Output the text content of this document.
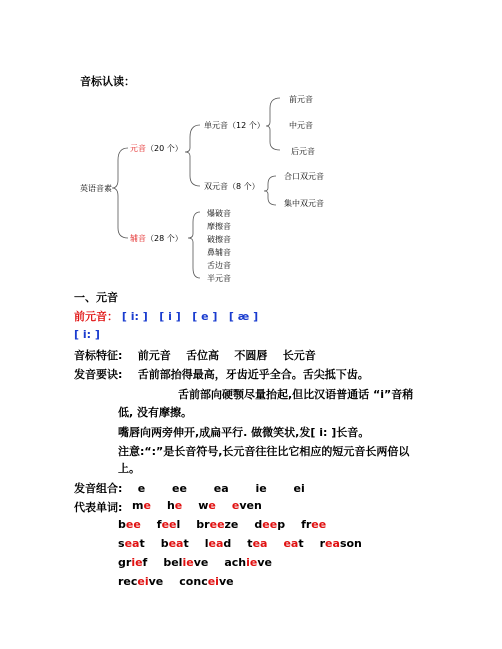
音标认读：
英语音素
元音（20 个）
辅音（28 个）
单元音（12 个）
双元音（8 个）
前元音
中元音
后元音
合口双元音
集中双元音
爆破音
摩擦音
破擦音
鼻辅音
舌边音
半元音
一、元音
前元音： [ i: ] [ i ] [ e ] [ æ ]
[ i: ]
音标特征: 前元音 舌位高 不圆唇 长元音
发音要诀: 舌前部抬得最高，牙齿近乎全合。舌尖抵下齿。
舌前部向硬颚尽量抬起,但比汉语普通话 “i”音稍
低, 没有摩擦。
嘴唇向两旁伸开,成扁平行. 做微笑状,发[ i: ]长音。
注意:“:”是长音符号,长元音往往比它相应的短元音长两倍以
上。
发音组合: e ee ea ie ei
代表单词: me he we even
bee feel breeze deep free
seat beat lead tea eat reason
grief believe achieve
receive conceive
